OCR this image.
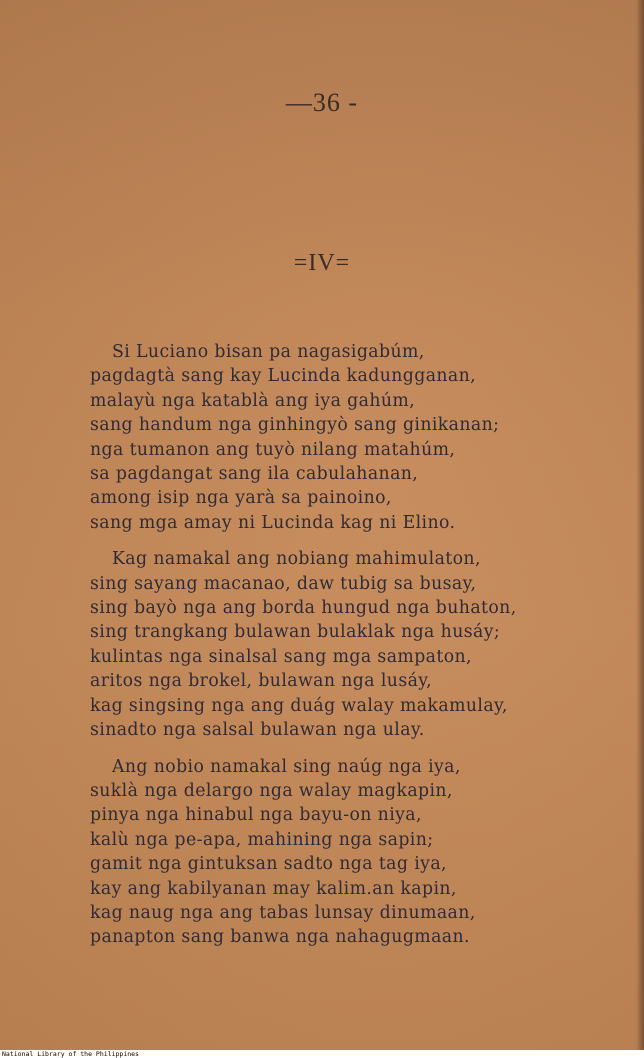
—36 -
=IV=
Si Luciano bisan pa nagasigabúm,
pagdagtà sang kay Lucinda kadungganan,
malayù nga katablà ang iya gahúm,
sang handum nga ginhingyò sang ginikanan;
nga tumanon ang tuyò nilang matahúm,
sa pagdangat sang ila cabulahanan,
among isip nga yarà sa painoino,
sang mga amay ni Lucinda kag ni Elino.
Kag namakal ang nobiang mahimulaton,
sing sayang macanao, daw tubig sa busay,
sing bayò nga ang borda hungud nga buhaton,
sing trangkang bulawan bulaklak nga husáy;
kulintas nga sinalsal sang mga sampaton,
aritos nga brokel, bulawan nga lusáy,
kag singsing nga ang duág walay makamulay,
sinadto nga salsal bulawan nga ulay.
Ang nobio namakal sing naúg nga iya,
suklà nga delargo nga walay magkapin,
pinya nga hinabul nga bayu-on niya,
kalù nga pe-apa, mahining nga sapin;
gamit nga gintuksan sadto nga tag iya,
kay ang kabilyanan may kalim.an kapin,
kag naug nga ang tabas lunsay dinumaan,
panapton sang banwa nga nahagugmaan.
National Library of the Philippines
